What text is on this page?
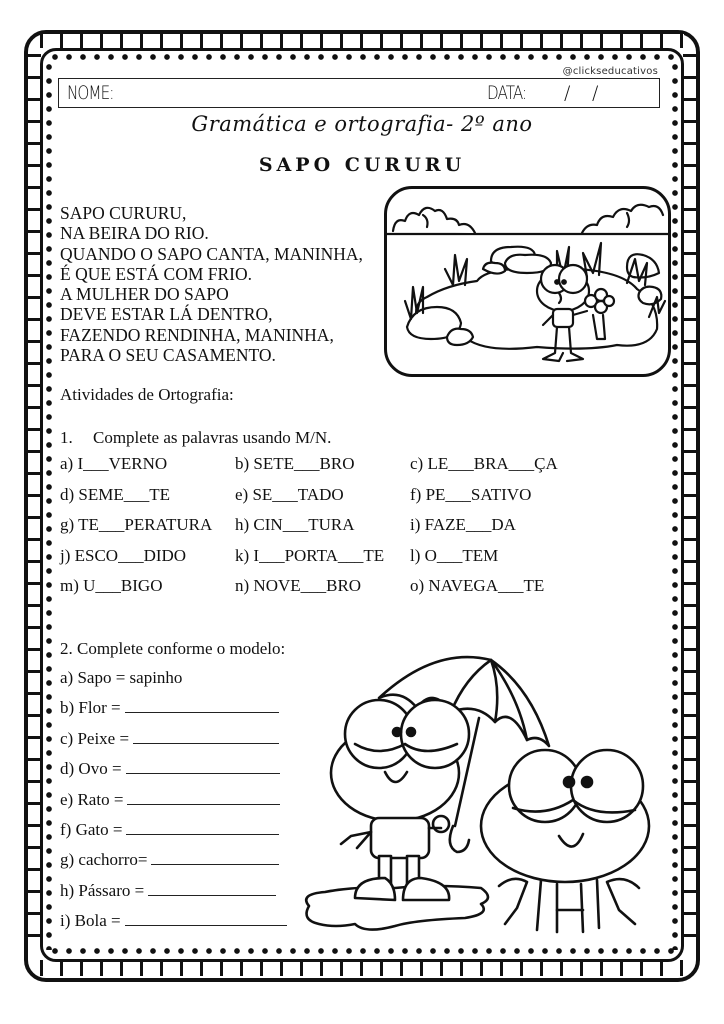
@clickseducativos
NOME:	DATA: / /
Gramática e ortografia- 2º ano
SAPO CURURU
SAPO CURURU,
NA BEIRA DO RIO.
QUANDO O SAPO CANTA, MANINHA,
É QUE ESTÁ COM FRIO.
A MULHER DO SAPO
DEVE ESTAR LÁ DENTRO,
FAZENDO RENDINHA, MANINHA,
PARA O SEU CASAMENTO.
Atividades de Ortografia:
1. Complete as palavras usando M/N.
a) I___VERNO	b) SETE___BRO	c) LE___BRA___ÇA
d) SEME___TE	e) SE___TADO	f) PE___SATIVO
g) TE___PERATURA h) CIN___TURA	i) FAZE___DA
j) ESCO___DIDO	k) I___PORTA___TE l) O___TEM
m) U___BIGO	n) NOVE___BRO	o) NAVEGA___TE
2. Complete conforme o modelo:
a) Sapo = sapinho
b) Flor =
c) Peixe =
d) Ovo =
e) Rato =
f) Gato =
g) cachorro=
h) Pássaro =
i) Bola =
